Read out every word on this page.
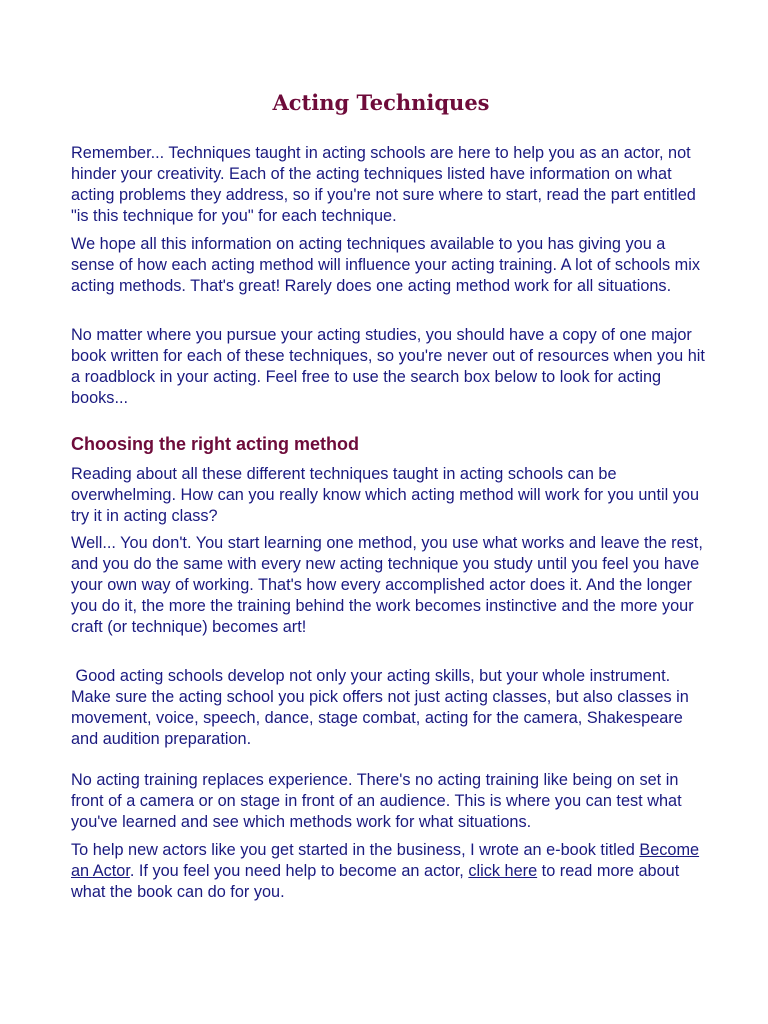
Acting Techniques

Remember... Techniques taught in acting schools are here to help you as an actor, not hinder your creativity. Each of the acting techniques listed have information on what acting problems they address, so if you're not sure where to start, read the part entitled "is this technique for you" for each technique.

We hope all this information on acting techniques available to you has giving you a sense of how each acting method will influence your acting training. A lot of schools mix acting methods. That's great! Rarely does one acting method work for all situations.

No matter where you pursue your acting studies, you should have a copy of one major book written for each of these techniques, so you're never out of resources when you hit a roadblock in your acting. Feel free to use the search box below to look for acting books...

Choosing the right acting method

Reading about all these different techniques taught in acting schools can be overwhelming. How can you really know which acting method will work for you until you try it in acting class?

Well... You don't. You start learning one method, you use what works and leave the rest, and you do the same with every new acting technique you study until you feel you have your own way of working. That's how every accomplished actor does it. And the longer you do it, the more the training behind the work becomes instinctive and the more your craft (or technique) becomes art!

Good acting schools develop not only your acting skills, but your whole instrument. Make sure the acting school you pick offers not just acting classes, but also classes in movement, voice, speech, dance, stage combat, acting for the camera, Shakespeare and audition preparation.

No acting training replaces experience. There's no acting training like being on set in front of a camera or on stage in front of an audience. This is where you can test what you've learned and see which methods work for what situations.

To help new actors like you get started in the business, I wrote an e-book titled Become an Actor. If you feel you need help to become an actor, click here to read more about what the book can do for you.
